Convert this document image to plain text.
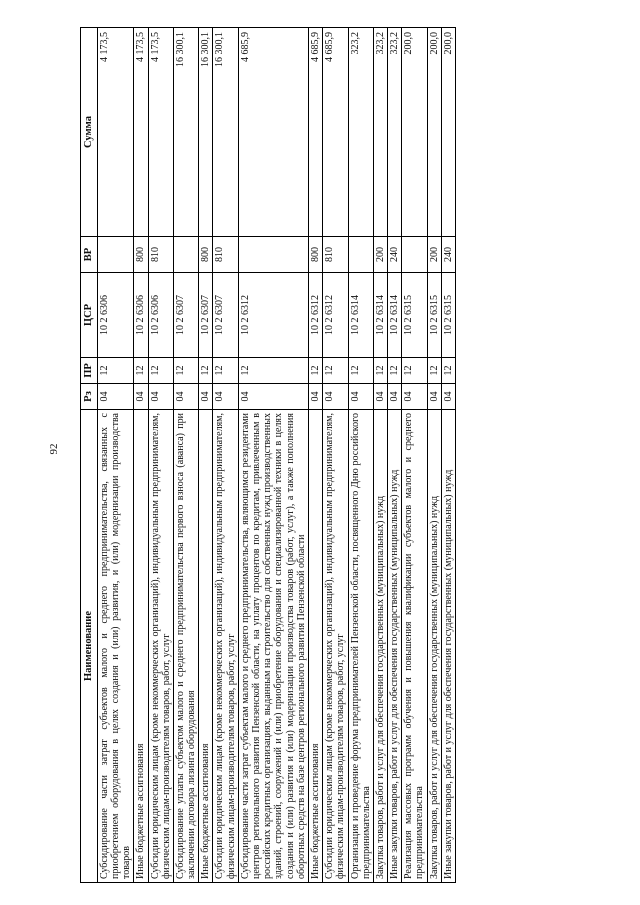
92
Наименование	Рз	ПР	ЦСР	ВР	Сумма
Субсидирование части затрат субъектов малого и среднего предпринимательства, связанных с приобретением оборудования в целях создания и (или) развития, и (или) модернизации производства товаров	04	12	10 2 6306		4 173,5
Иные бюджетные ассигнования	04	12	10 2 6306	800	4 173,5
Субсидии юридическим лицам (кроме некоммерческих организаций), индивидуальным предпринимателям, физическим лицам-производителям товаров, работ, услуг	04	12	10 2 6306	810	4 173,5
Субсидирование уплаты субъектом малого и среднего предпринимательства первого взноса (аванса) при заключении договора лизинга оборудования	04	12	10 2 6307		16 300,1
Иные бюджетные ассигнования	04	12	10 2 6307	800	16 300,1
Субсидии юридическим лицам (кроме некоммерческих организаций), индивидуальным предпринимателям, физическим лицам-производителям товаров, работ, услуг	04	12	10 2 6307	810	16 300,1
Субсидирование части затрат субъектам малого и среднего предпринимательства, являющимся резидентами центров регионального развития Пензенской области, на уплату процентов по кредитам, привлеченным в российских кредитных организациях, выданным на строительство для собственных нужд производственных зданий, строений, сооружений и (или) приобретение оборудования и специализированной техники в целях создания и (или) развития и (или) модернизации производства товаров (работ, услуг), а также пополнения оборотных средств на базе центров регионального развития Пензенской области	04	12	10 2 6312		4 685,9
Иные бюджетные ассигнования	04	12	10 2 6312	800	4 685,9
Субсидии юридическим лицам (кроме некоммерческих организаций), индивидуальным предпринимателям, физическим лицам-производителям товаров, работ, услуг	04	12	10 2 6312	810	4 685,9
Организация и проведение форума предпринимателей Пензенской области, посвященного Дню российского предпринимательства	04	12	10 2 6314		323,2
Закупка товаров, работ и услуг для обеспечения государственных (муниципальных) нужд	04	12	10 2 6314	200	323,2
Иные закупки товаров, работ и услуг для обеспечения государственных (муниципальных) нужд	04	12	10 2 6314	240	323,2
Реализация массовых программ обучения и повышения квалификации субъектов малого и среднего предпринимательства	04	12	10 2 6315		200,0
Закупка товаров, работ и услуг для обеспечения государственных (муниципальных) нужд	04	12	10 2 6315	200	200,0
Иные закупки товаров, работ и услуг для обеспечения государственных (муниципальных) нужд	04	12	10 2 6315	240	200,0
